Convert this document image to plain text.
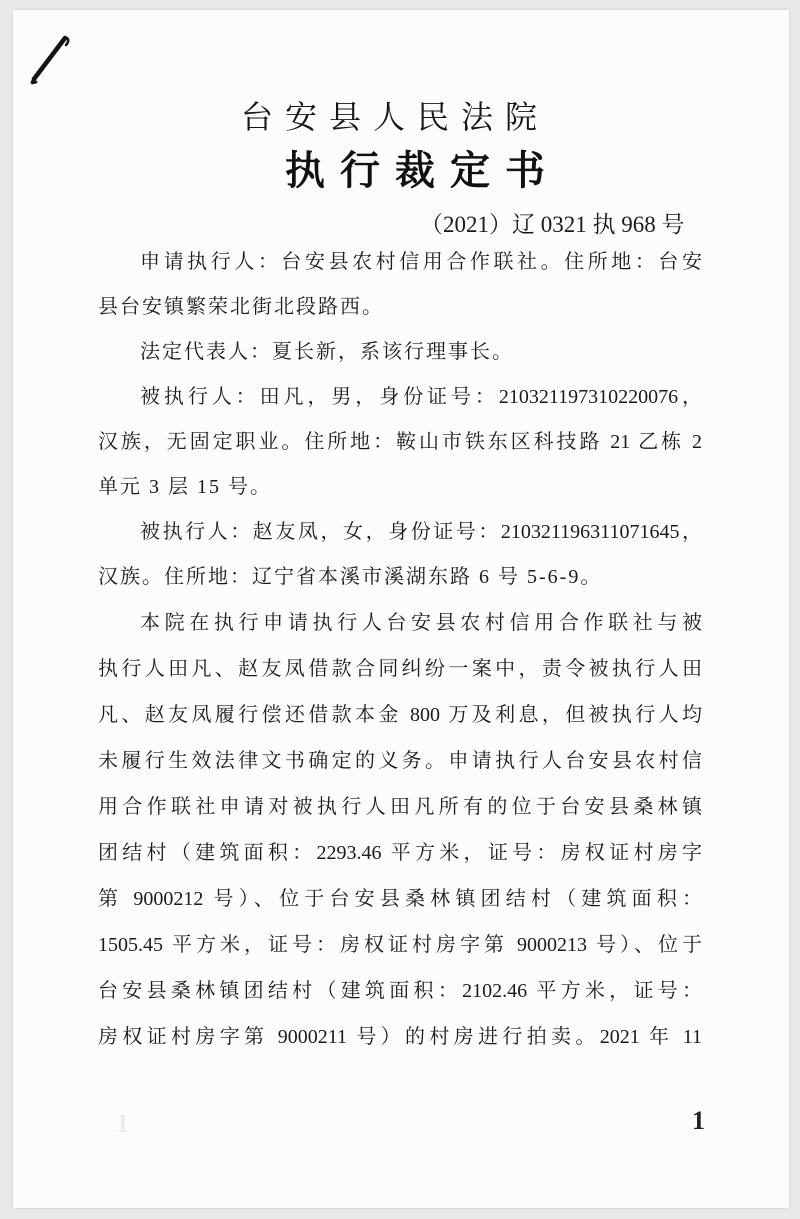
台安县人民法院
执行裁定书
（2021）辽 0321 执 968 号
申请执行人：台安县农村信用合作联社。住所地：台安
县台安镇繁荣北街北段路西。
法定代表人：夏长新，系该行理事长。
被执行人：田凡，男，身份证号：210321197310220076，
汉族，无固定职业。住所地：鞍山市铁东区科技路 21 乙栋 2
单元 3 层 15 号。
被执行人：赵友凤，女，身份证号：210321196311071645，
汉族。住所地：辽宁省本溪市溪湖东路 6 号 5-6-9。
本院在执行申请执行人台安县农村信用合作联社与被
执行人田凡、赵友凤借款合同纠纷一案中，责令被执行人田
凡、赵友凤履行偿还借款本金 800 万及利息，但被执行人均
未履行生效法律文书确定的义务。申请执行人台安县农村信
用合作联社申请对被执行人田凡所有的位于台安县桑林镇
团结村（建筑面积：2293.46 平方米，证号：房权证村房字
第 9000212 号）、位于台安县桑林镇团结村（建筑面积：
1505.45 平方米，证号：房权证村房字第 9000213 号）、位于
台安县桑林镇团结村（建筑面积：2102.46 平方米，证号：
房权证村房字第 9000211 号）的村房进行拍卖。2021 年 11
1	1
